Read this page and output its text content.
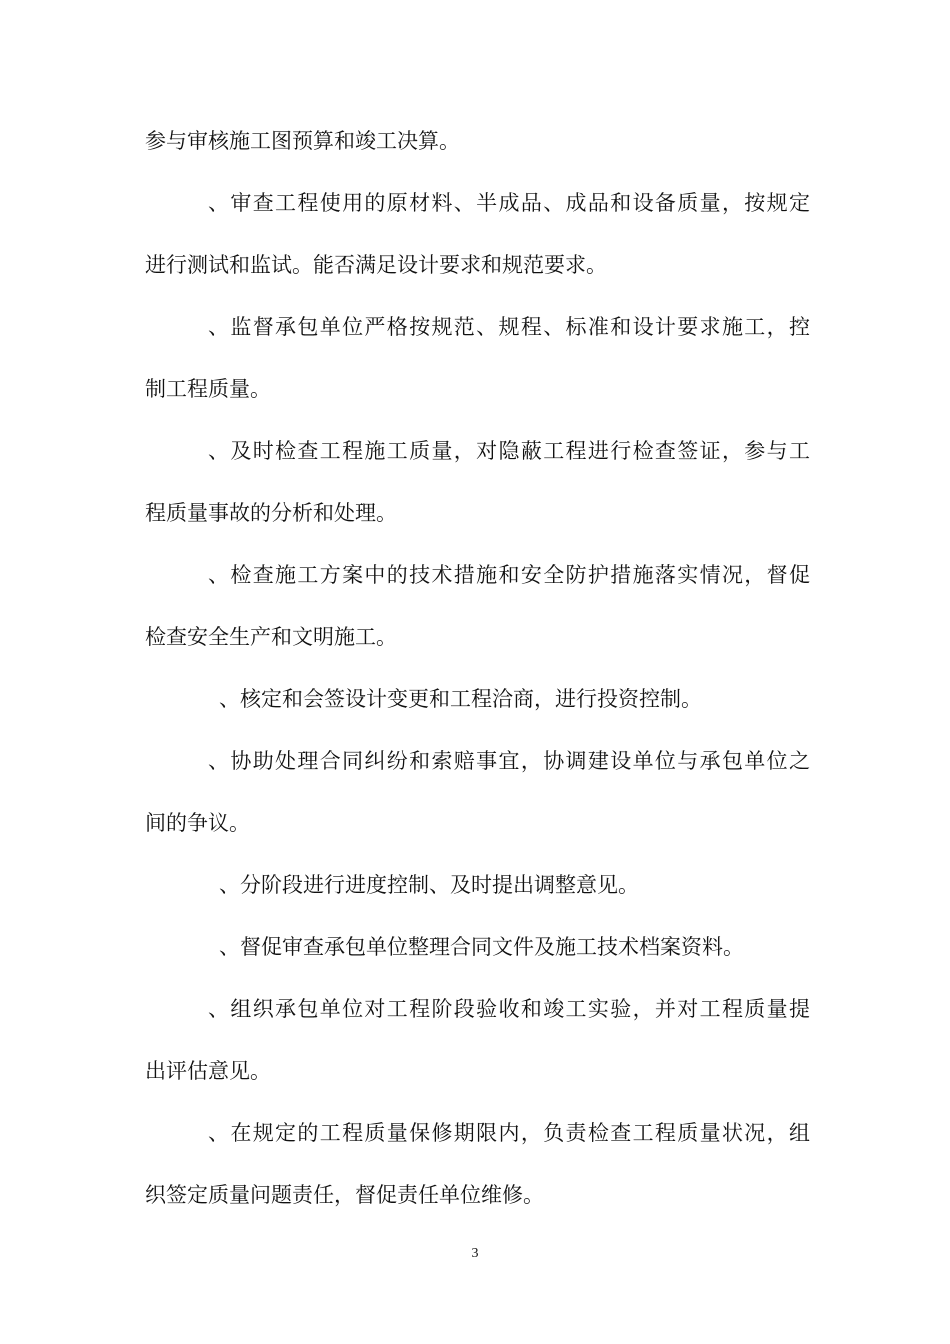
参与审核施工图预算和竣工决算。
、审查工程使用的原材料、半成品、成品和设备质量，按规定
进行测试和监试。能否满足设计要求和规范要求。
、监督承包单位严格按规范、规程、标准和设计要求施工，控
制工程质量。
、及时检查工程施工质量，对隐蔽工程进行检查签证，参与工
程质量事故的分析和处理。
、检查施工方案中的技术措施和安全防护措施落实情况，督促
检查安全生产和文明施工。
、核定和会签设计变更和工程洽商，进行投资控制。
、协助处理合同纠纷和索赔事宜，协调建设单位与承包单位之
间的争议。
、分阶段进行进度控制、及时提出调整意见。
、督促审查承包单位整理合同文件及施工技术档案资料。
、组织承包单位对工程阶段验收和竣工实验，并对工程质量提
出评估意见。
、在规定的工程质量保修期限内，负责检查工程质量状况，组
织签定质量问题责任，督促责任单位维修。
3
